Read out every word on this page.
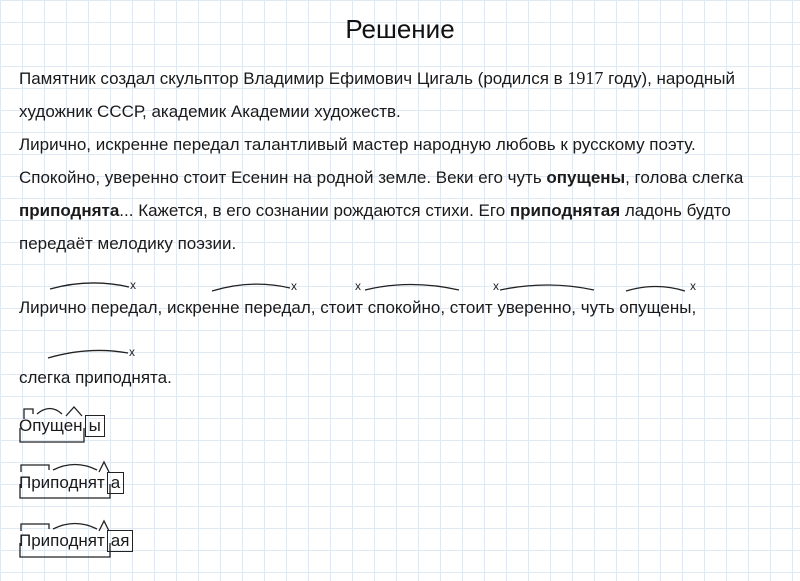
Решение

Памятник создал скульптор Владимир Ефимович Цигаль (родился в 1917 году), народный художник СССР, академик Академии художеств.

Лирично, искренне передал талантливый мастер народную любовь к русскому поэту.
Спокойно, уверенно стоит Есенин на родной земле. Веки его чуть опущены, голова слегка приподнята... Кажется, в его сознании рождаются стихи. Его приподнятая ладонь будто передаёт мелодику поэзии.

x	x	x	x	x
x
Лирично передал, искренне передал, стоит спокойно, стоит уверенно, чуть опущены,
слегка приподнята.
Опущен ы
Приподнят а
Приподнят ая
